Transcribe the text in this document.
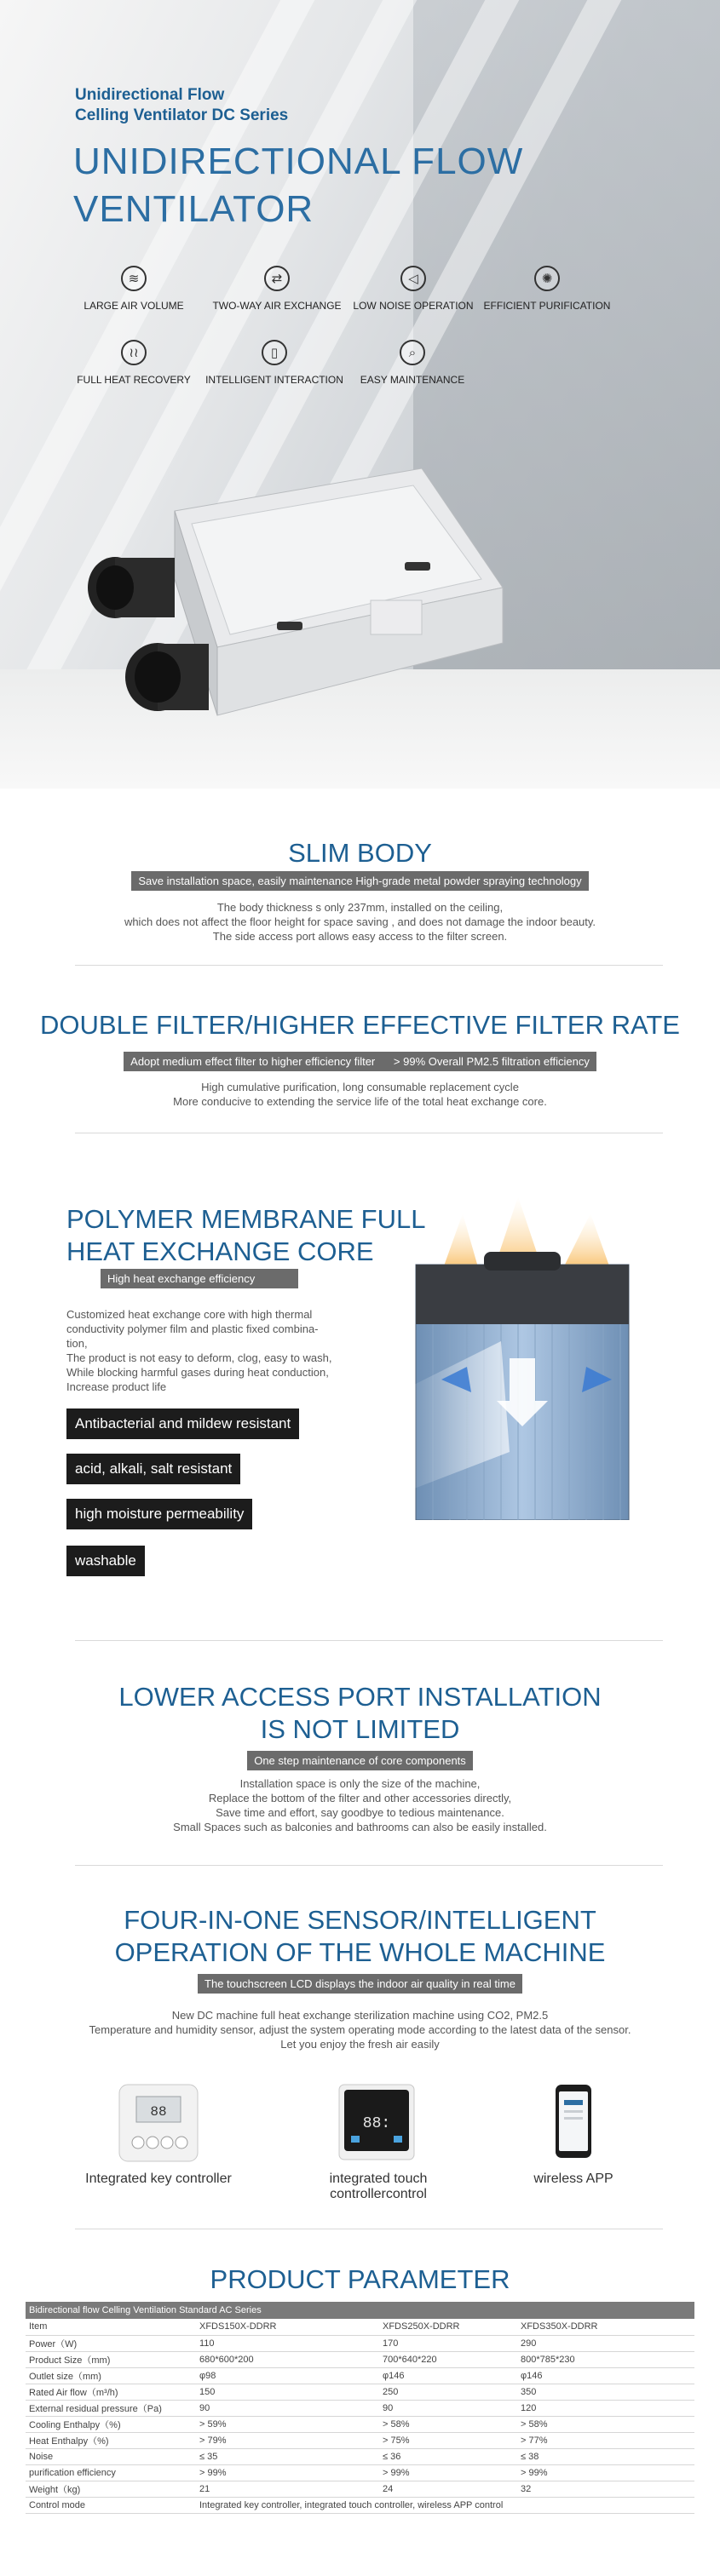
Unidirectional Flow
Celling Ventilator DC Series
UNIDIRECTIONAL FLOW
VENTILATOR
≋
LARGE AIR VOLUME
⇄
TWO-WAY AIR EXCHANGE
◁
LOW NOISE OPERATION
✺
EFFICIENT PURIFICATION
≀≀
FULL HEAT RECOVERY
▯
INTELLIGENT INTERACTION
⌕
EASY MAINTENANCE
SLIM BODY
Save installation space, easily maintenance High-grade metal powder spraying technology
The body thickness s only 237mm, installed on the ceiling,
which does not affect the floor height for space saving , and does not damage the indoor beauty.
The side access port allows easy access to the filter screen.
DOUBLE FILTER/HIGHER EFFECTIVE FILTER RATE
Adopt medium effect filter to higher efficiency filter      > 99% Overall PM2.5 filtration efficiency
High cumulative purification, long consumable replacement cycle
More conducive to extending the service life of the total heat exchange core.
POLYMER MEMBRANE FULL
HEAT EXCHANGE CORE
High heat exchange efficiency
Customized heat exchange core with high thermal
conductivity polymer film and plastic fixed combina-
tion,
The product is not easy to deform, clog, easy to wash,
While blocking harmful gases during heat conduction,
Increase product life
Antibacterial and mildew resistant
acid, alkali, salt resistant
high moisture permeability
washable
LOWER ACCESS PORT INSTALLATION
IS NOT LIMITED
One step maintenance of core components
Installation space is only the size of the machine,
Replace the bottom of the filter and other accessories directly,
Save time and effort, say goodbye to tedious maintenance.
Small Spaces such as balconies and bathrooms can also be easily installed.
FOUR-IN-ONE SENSOR/INTELLIGENT
OPERATION OF THE WHOLE MACHINE
The touchscreen LCD displays the indoor air quality in real time
New DC machine full heat exchange sterilization machine using CO2, PM2.5
Temperature and humidity sensor, adjust the system operating mode according to the latest data of the sensor.
Let you enjoy the fresh air easily
88
88:
Integrated key controller	integrated touch controllercontrol
wireless APP
PRODUCT PARAMETER
Bidirectional flow Celling Ventilation Standard AC Series			
Item	XFDS150X-DDRR	XFDS250X-DDRR	XFDS350X-DDRR
Power（W)	110	170	290
Product Size（mm)	680*600*200	700*640*220	800*785*230
Outlet size（mm)	φ98	φ146	φ146
Rated Air flow（m³/h)	150	250	350
External residual pressure（Pa)	90	90	120
Cooling Enthalpy（%)	> 59%	> 58%	> 58%
Heat Enthalpy（%)	> 79%	> 75%	> 77%
Noise	≤ 35	≤ 36	≤ 38
purification efficiency	> 99%	> 99%	> 99%
Weight（kg)	21	24	32
Control mode	Integrated key controller, integrated touch controller, wireless APP control		
